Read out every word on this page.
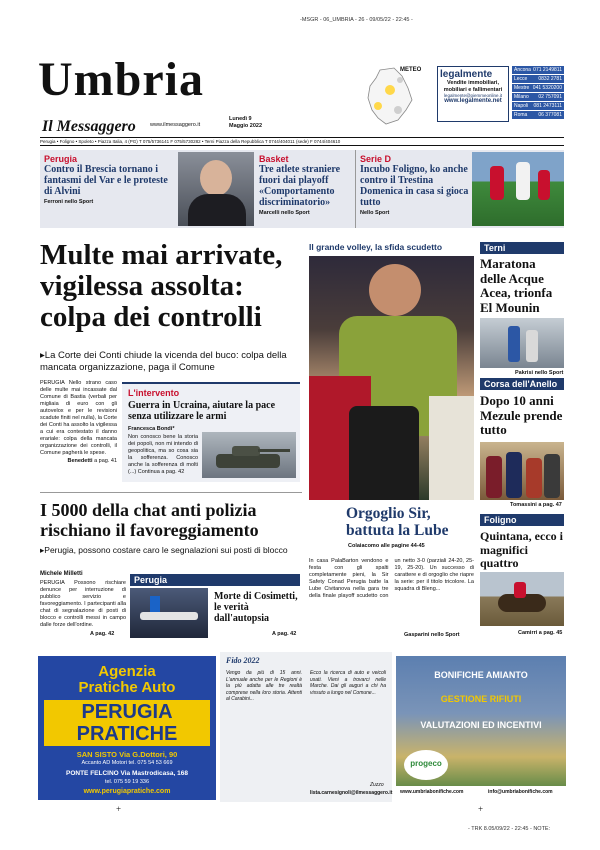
-MSGR - 06_UMBRIA - 26 - 09/05/22 - 22:45 -
Umbria
Il Messaggero	www.ilmessaggero.it
Lunedì 9
Maggio 2022
METEO legalmente
Vendite immobiliari,
mobiliari e fallimentari
legalmente@piemmeonline.it
www.legalmente.net
Ancona 071 2149811
Lecce 0832 2781
Mestre 041 5320200
Milano 02 757091
Napoli 081 2473111
Roma 06 377081
Perugia • Foligno • Spoleto • Piazza Italia, 4 (PG) T 075/5736141 F 075/5730282 • Terni Piazza della Repubblica T 0744/404011 (sede) F 0744/404610
Perugia
Contro il Brescia tornano i fantasmi del Var e le proteste di Alvini
Ferroni nello Sport
Basket
Tre atlete straniere fuori dai playoff «Comportamento discriminatorio»
Marcelli nello Sport
Serie D
Incubo Foligno, ko anche contro il Trestina Domenica in casa si gioca tutto
Nello Sport
Multe mai arrivate, vigilessa assolta: colpa dei controlli
▸La Corte dei Conti chiude la vicenda del buco: colpa della mancata organizzazione, paga il Comune
PERUGIA Nello strano caso delle multe mai incassate dal Comune di Bastia (verbali per migliaia di euro con gli autovelox e per le revisioni scadute finiti nel nulla), la Corte dei Conti ha assolto la vigilessa a cui era contestato il danno erariale: colpa della mancata organizzazione dei controlli, il Comune pagherà le spese.
Benedetti a pag. 41
L'intervento
Guerra in Ucraina, aiutare la pace senza utilizzare le armi
Francesca Bondi*
Non conosco bene la storia dei popoli, non mi intendo di geopolitica, ma so cosa sia la sofferenza. Conosco anche la sofferenza di molti (...) Continua a pag. 42
I 5000 della chat anti polizia rischiano il favoreggiamento
▸Perugia, possono costare caro le segnalazioni sui posti di blocco
Michele Milletti
PERUGIA Possono rischiare denunce per interruzione di pubblico servizio e favoreggiamento. I partecipanti alla chat di segnalazione di posti di blocco e controlli messi in campo dalle forze dell'ordine.
A pag. 42
Perugia
Morte di Cosimetti, le verità dall'autopsia
A pag. 42
Il grande volley, la sfida scudetto
Orgoglio Sir, battuta la Lube
Colaiacomo alle pagine 44-45
In casa PalaBarton vendono e festa con gli spalti completamente pieni, la Sir Safety Conad Perugia batte la Lube Civitanova nella gara tre della finale playoff scudetto con un netto 3-0 (parziali 24-20, 25-19, 25-20). Un successo di carattere e di orgoglio che riapre la serie: per il titolo tricolore. La squadra di Bleng...
Gasparini nello Sport
Terni
Maratona delle Acque Acea, trionfa El Mounin
Pakrisi nello Sport
Corsa dell'Anello
Dopo 10 anni Mezule prende tutto
Tomassini a pag. 47
Foligno
Quintana, ecco i magnifici quattro
Camirri a pag. 45
Agenzia
Pratiche Auto
PERUGIA
PRATICHE
SAN SISTO Via G.Dottori, 90
Accanto AD Motori tel. 075 54 53 669
PONTE FELCINO Via Mastrodicasa, 168
tel. 075 59 19 336
www.perugiapratiche.com
Fido 2022
Vengo da più di 15 anni. L'annuale anche per le Regioni è la più adatta alle tre realtà comprese nella loro storia. Attenti al Carabini...
Ecco la ricerca di auto e veicoli usati. Vieni a trovarci nelle Marche. Dai gli auguri a chi ha vissuto a lungo nel Comune...
lista.carnesignoli@ilmessaggero.it
Zuzzo
BONIFICHE AMIANTO
GESTIONE RIFIUTI
VALUTAZIONI ED INCENTIVI
progeco
www.umbriabonifiche.com	info@umbriabonifiche.com
+	+
- TRK 8.05/09/22 - 22:45 - NOTE:
